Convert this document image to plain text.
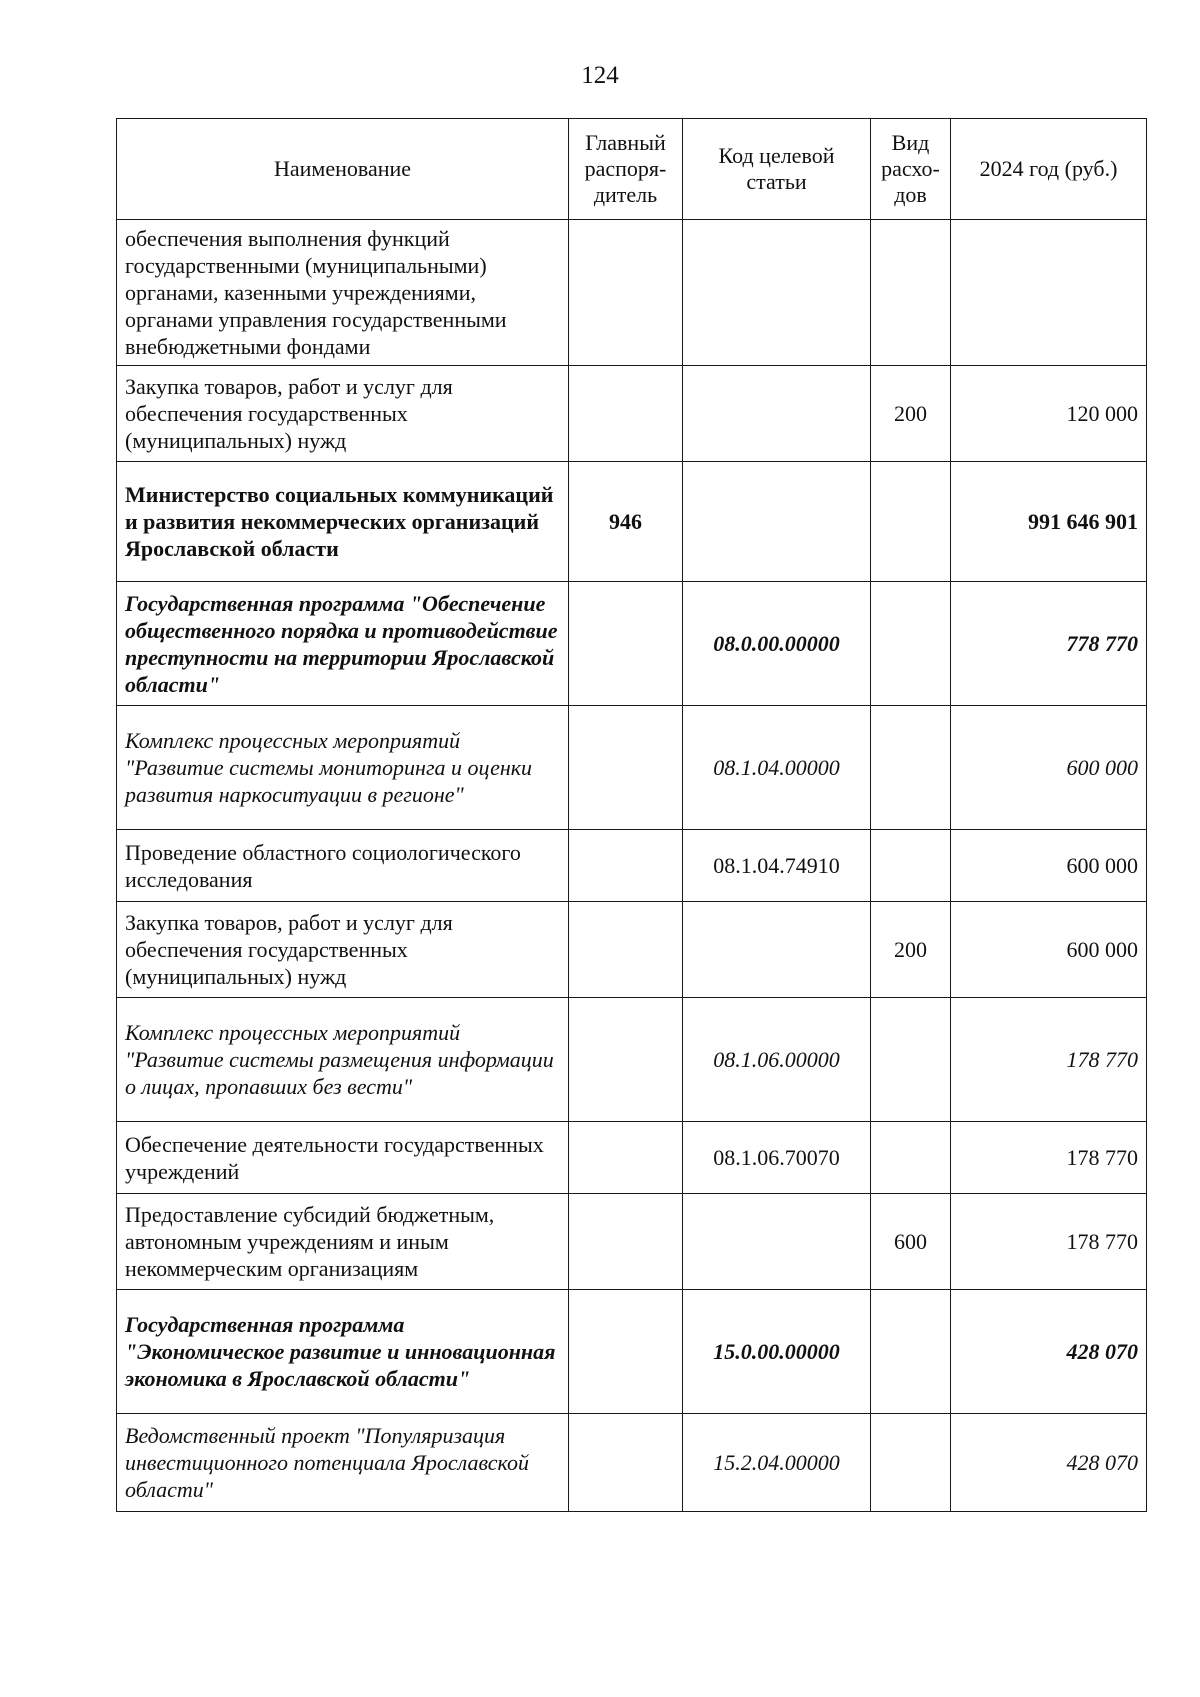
124
Наименование	Главный распоря-дитель	Код целевой статьи	Вид расхо-дов	2024 год (руб.)
обеспечения выполнения функций государственными (муниципальными) органами, казенными учреждениями, органами управления государственными внебюджетными фондами				
Закупка товаров, работ и услуг для обеспечения государственных (муниципальных) нужд			200	120 000
Министерство социальных коммуникаций и развития некоммерческих организаций Ярославской области	946			991 646 901
Государственная программа "Обеспечение общественного порядка и противодействие преступности на территории Ярославской области"		08.0.00.00000		778 770
Комплекс процессных мероприятий "Развитие системы мониторинга и оценки развития наркоситуации в регионе"		08.1.04.00000		600 000
Проведение областного социологического исследования		08.1.04.74910		600 000
Закупка товаров, работ и услуг для обеспечения государственных (муниципальных) нужд			200	600 000
Комплекс процессных мероприятий "Развитие системы размещения информации о лицах, пропавших без вести"		08.1.06.00000		178 770
Обеспечение деятельности государственных учреждений		08.1.06.70070		178 770
Предоставление субсидий бюджетным, автономным учреждениям и иным некоммерческим организациям			600	178 770
Государственная программа "Экономическое развитие и инновационная экономика в Ярославской области"		15.0.00.00000		428 070
Ведомственный проект "Популяризация инвестиционного потенциала Ярославской области"		15.2.04.00000		428 070
